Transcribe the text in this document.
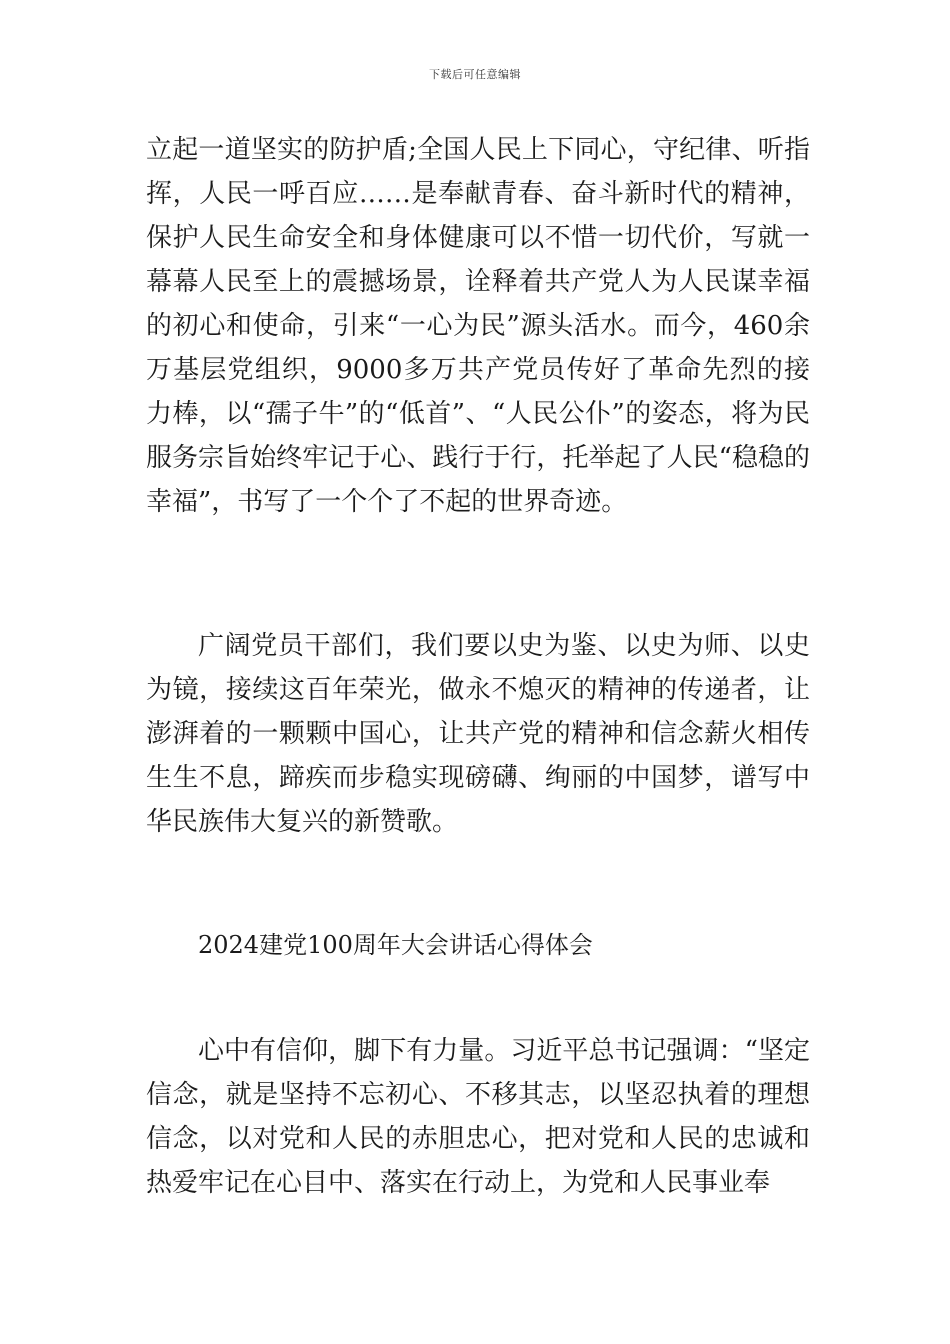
下载后可任意编辑

立起一道坚实的防护盾;全国人民上下同心，守纪律、听指挥，人民一呼百应……是奉献青春、奋斗新时代的精神，保护人民生命安全和身体健康可以不惜一切代价，写就一幕幕人民至上的震撼场景，诠释着共产党人为人民谋幸福的初心和使命，引来“一心为民”源头活水。而今，460余万基层党组织，9000多万共产党员传好了革命先烈的接力棒，以“孺子牛”的“低首”、“人民公仆”的姿态，将为民服务宗旨始终牢记于心、践行于行，托举起了人民“稳稳的幸福”，书写了一个个了不起的世界奇迹。

广阔党员干部们，我们要以史为鉴、以史为师、以史为镜，接续这百年荣光，做永不熄灭的精神的传递者，让澎湃着的一颗颗中国心，让共产党的精神和信念薪火相传生生不息，蹄疾而步稳实现磅礴、绚丽的中国梦，谱写中华民族伟大复兴的新赞歌。

2024建党100周年大会讲话心得体会

心中有信仰，脚下有力量。习近平总书记强调：“坚定信念，就是坚持不忘初心、不移其志，以坚忍执着的理想信念，以对党和人民的赤胆忠心，把对党和人民的忠诚和热爱牢记在心目中、落实在行动上，为党和人民事业奉
